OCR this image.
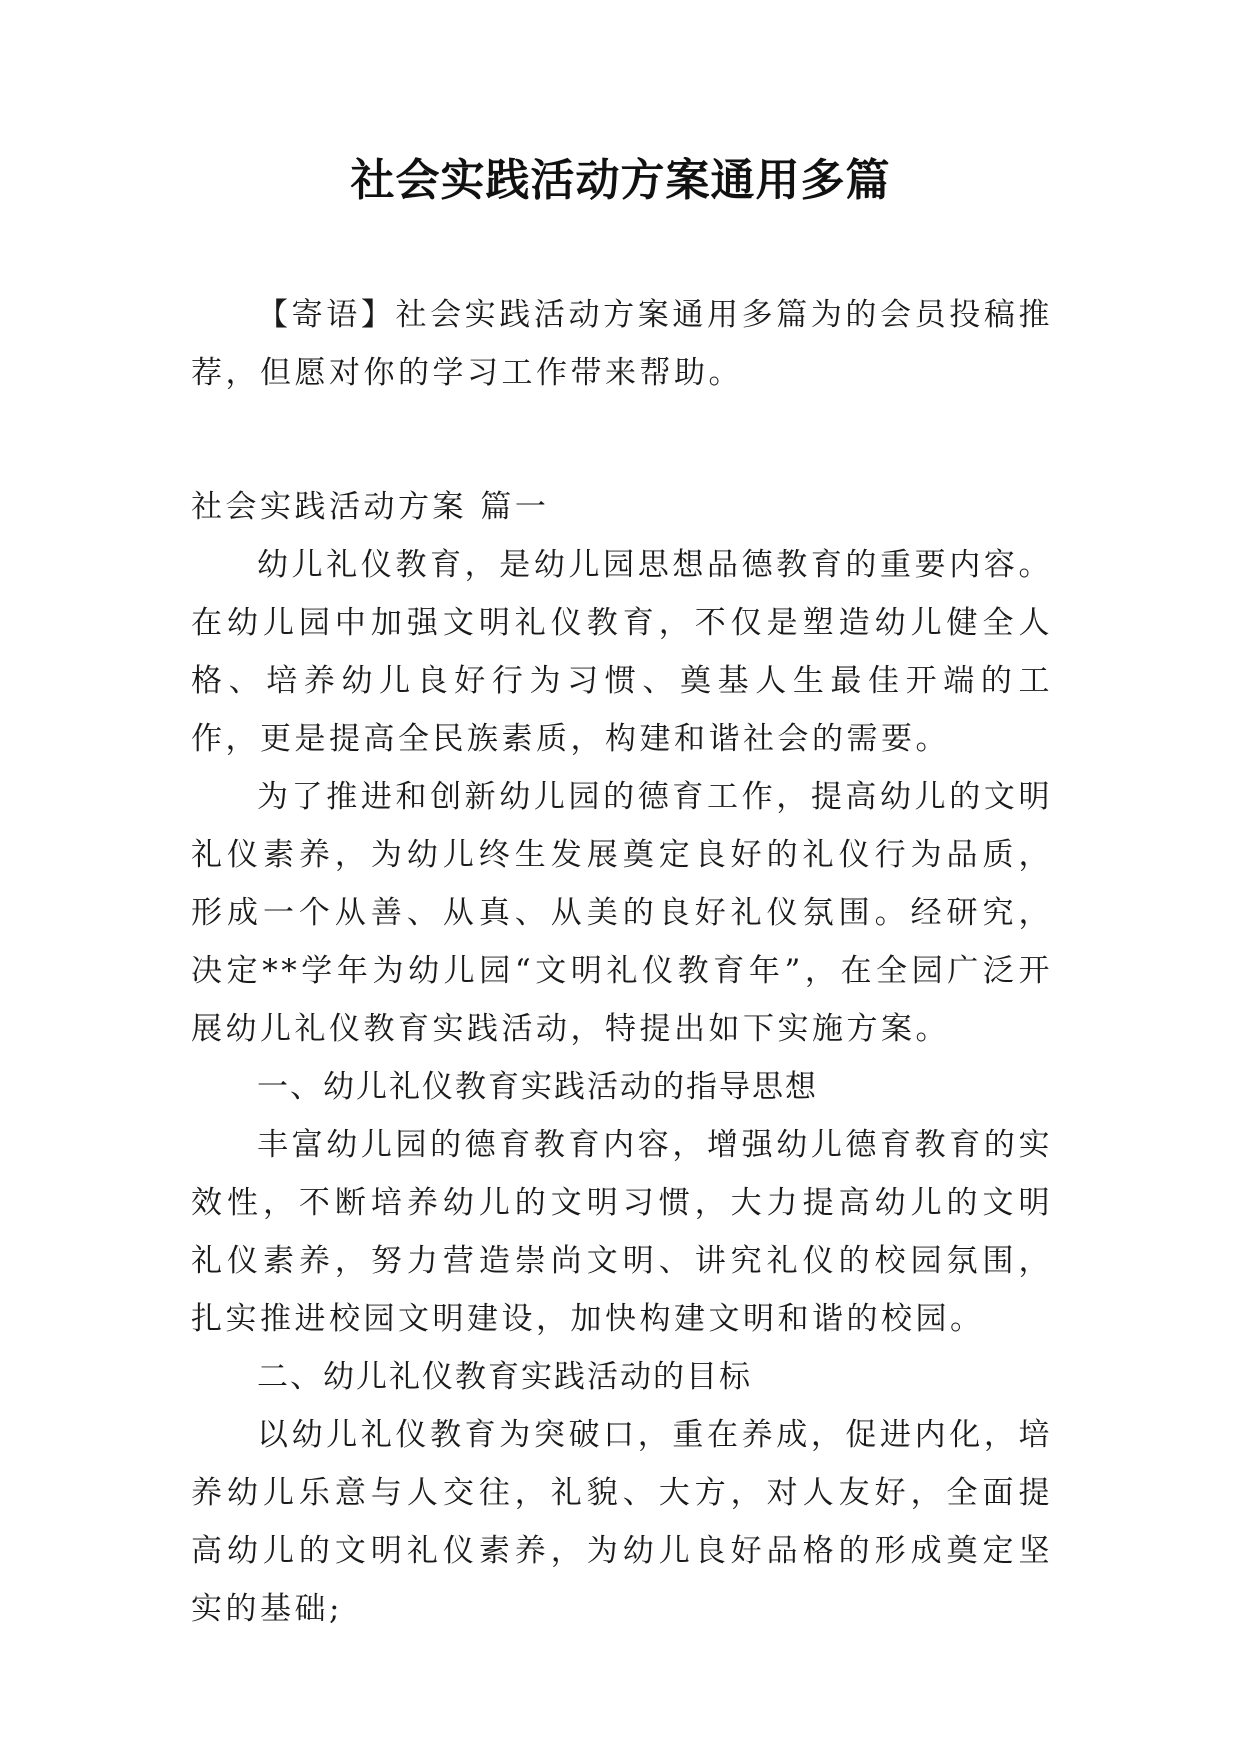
社会实践活动方案通用多篇

【寄语】社会实践活动方案通用多篇为的会员投稿推荐，但愿对你的学习工作带来帮助。

社会实践活动方案 篇一

幼儿礼仪教育，是幼儿园思想品德教育的重要内容。在幼儿园中加强文明礼仪教育，不仅是塑造幼儿健全人格、培养幼儿良好行为习惯、奠基人生最佳开端的工作，更是提高全民族素质，构建和谐社会的需要。

为了推进和创新幼儿园的德育工作，提高幼儿的文明礼仪素养，为幼儿终生发展奠定良好的礼仪行为品质，形成一个从善、从真、从美的良好礼仪氛围。经研究，决定**学年为幼儿园“文明礼仪教育年”，在全园广泛开展幼儿礼仪教育实践活动，特提出如下实施方案。

一、幼儿礼仪教育实践活动的指导思想

丰富幼儿园的德育教育内容，增强幼儿德育教育的实效性，不断培养幼儿的文明习惯，大力提高幼儿的文明礼仪素养，努力营造崇尚文明、讲究礼仪的校园氛围，扎实推进校园文明建设，加快构建文明和谐的校园。

二、幼儿礼仪教育实践活动的目标

以幼儿礼仪教育为突破口，重在养成，促进内化，培养幼儿乐意与人交往，礼貌、大方，对人友好，全面提高幼儿的文明礼仪素养，为幼儿良好品格的形成奠定坚实的基础;
